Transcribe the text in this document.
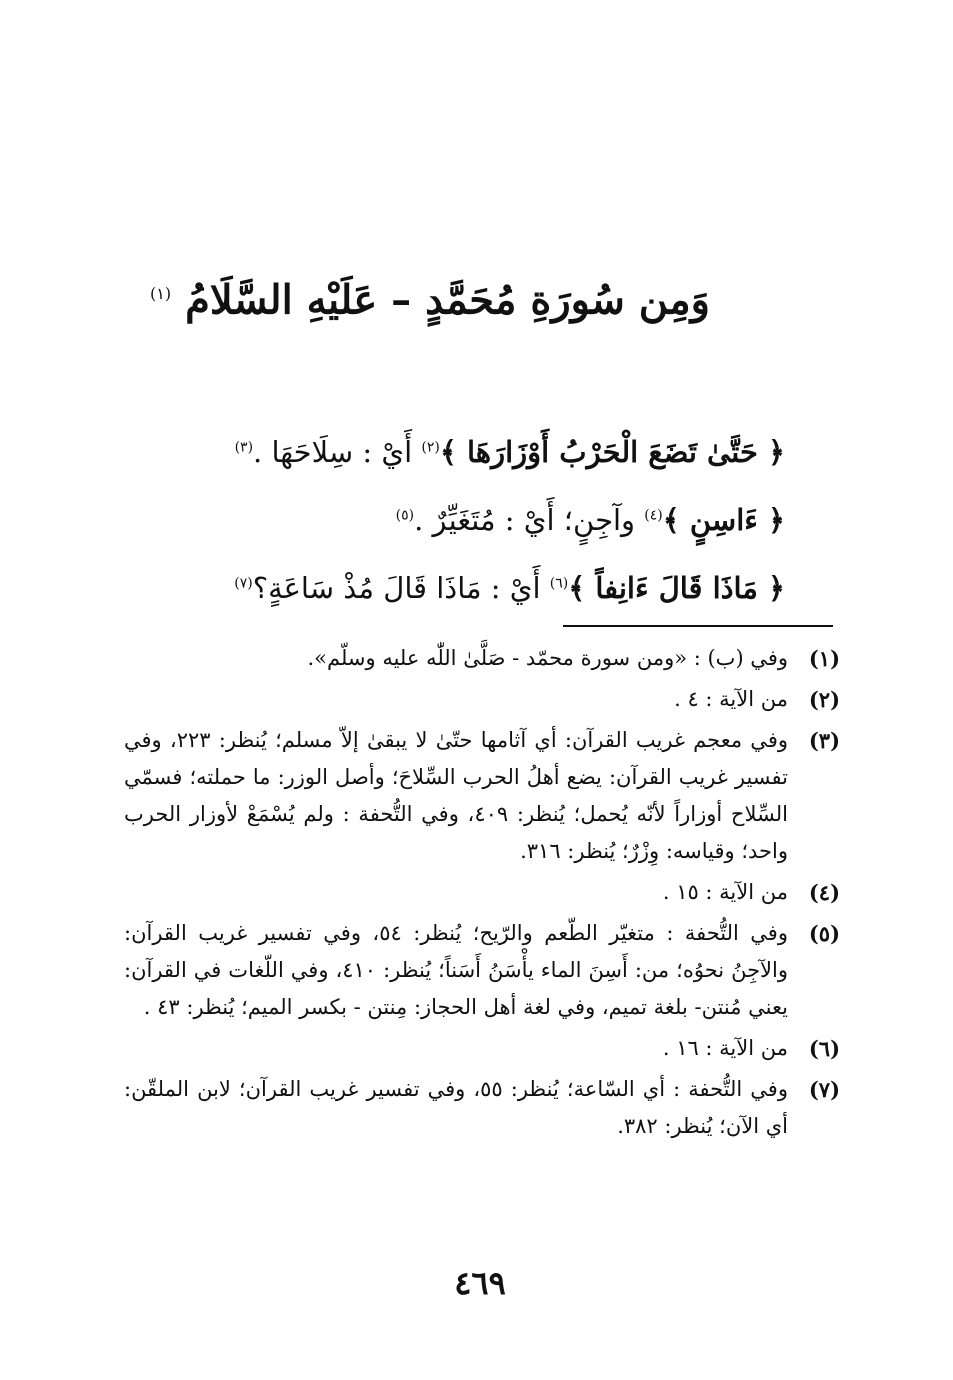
وَمِن سُورَةِ مُحَمَّدٍ – عَلَيْهِ السَّلَامُ $^{(١)}$
﴿ حَتَّىٰ تَضَعَ الْحَرْبُ أَوْزَارَهَا ﴾$^{(٢)}$ أَيْ : سِلَاحَهَا .$^{(٣)}$
﴿ ءَاسِنٍ ﴾$^{(٤)}$ وآجِنٍ؛ أَيْ : مُتَغَيِّرٌ .$^{(٥)}$
﴿ مَاذَا قَالَ ءَانِفاً ﴾$^{(٦)}$ أَيْ : مَاذَا قَالَ مُذْ سَاعَةٍ؟$^{(٧)}$
(١)
وفي (ب) : «ومن سورة محمّد - صَلَّىٰ اللّٰه عليه وسلّم».
(٢)
من الآية : ٤ .
(٣)
وفي معجم غريب القرآن: أي آثامها حتّىٰ لا يبقىٰ إلاّ مسلم؛ يُنظر: ٢٢٣، وفي تفسير غريب القرآن: يضع أهلُ الحرب السِّلاحَ؛ وأصل الوزر: ما حملته؛ فسمّي السِّلاح أوزاراً لأنّه يُحمل؛ يُنظر: ٤٠٩، وفي التُّحفة : ولم يُسْمَعْ لأوزار الحرب واحد؛ وقياسه: وِزْرٌ؛ يُنظر: ٣١٦.
(٤)
من الآية : ١٥ .
(٥)
وفي التُّحفة : متغيّر الطّعم والرّيح؛ يُنظر: ٥٤، وفي تفسير غريب القرآن: والآجِنُ نحوُه؛ من: أَسِنَ الماء يأْسَنُ أَسَناً؛ يُنظر: ٤١٠، وفي اللّغات في القرآن: يعني مُنتن- بلغة تميم، وفي لغة أهل الحجاز: مِنتن - بكسر الميم؛ يُنظر: ٤٣ .
(٦)
من الآية : ١٦ .
(٧)
وفي التُّحفة : أي السّاعة؛ يُنظر: ٥٥، وفي تفسير غريب القرآن؛ لابن الملقّن: أي الآن؛ يُنظر: ٣٨٢.
٤٦٩
